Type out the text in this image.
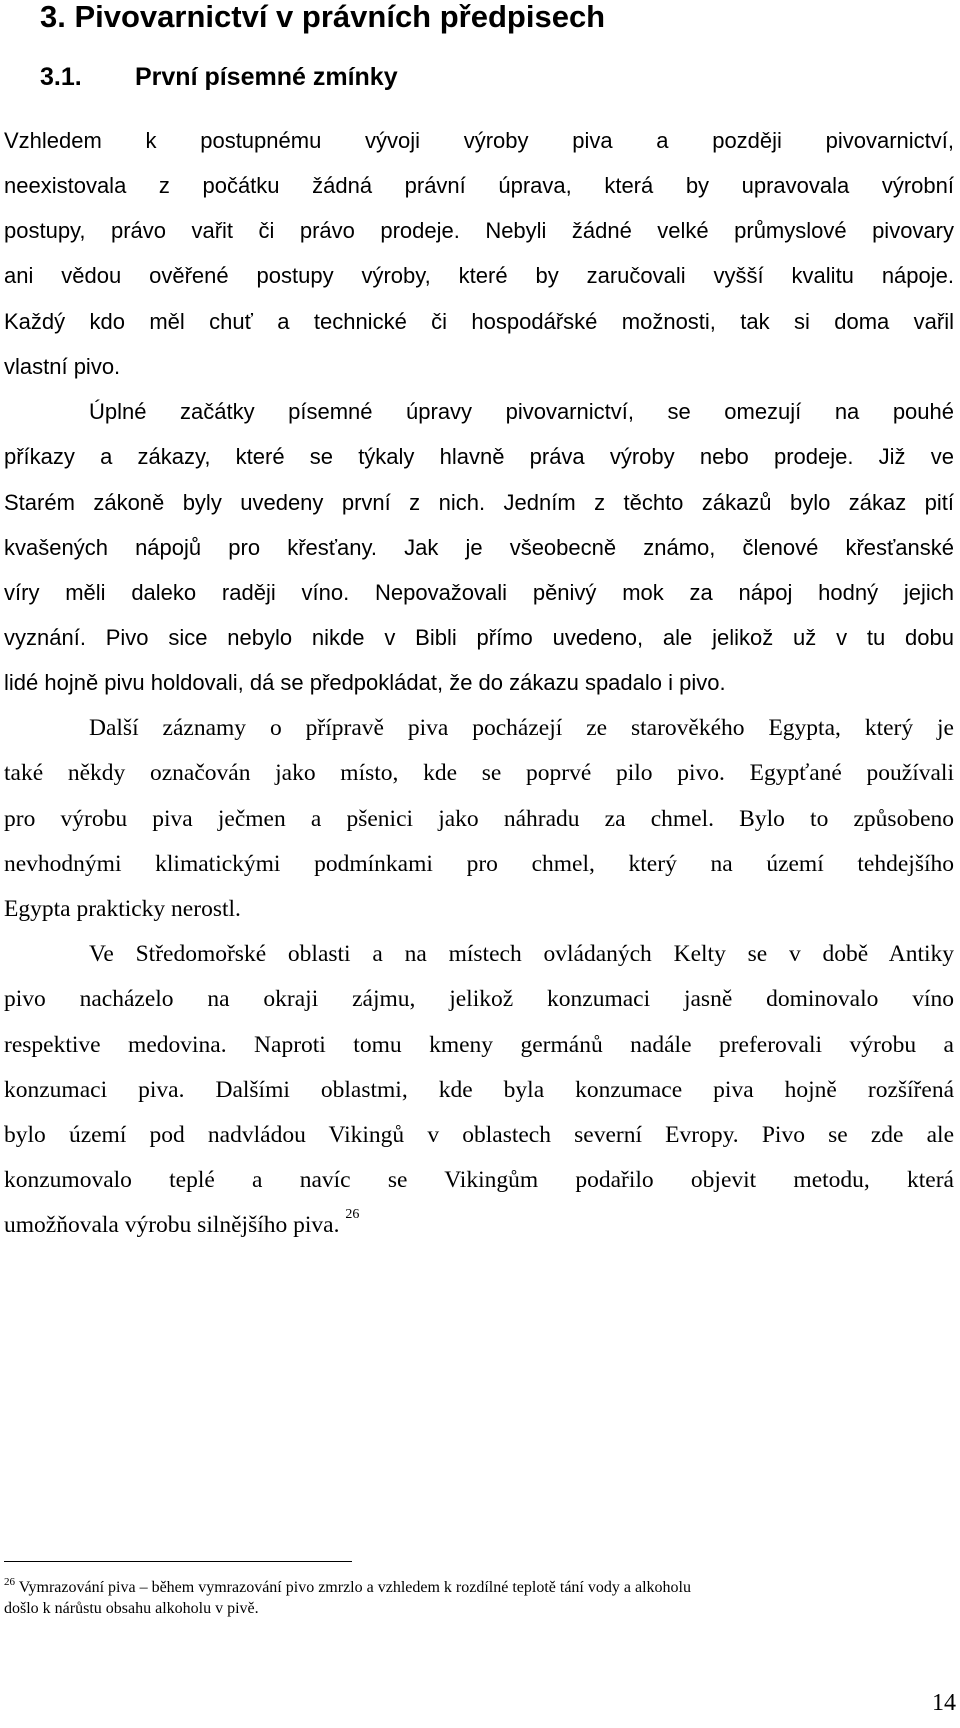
3. Pivovarnictví v právních předpisech
3.1. První písemné zmínky
Vzhledem k postupnému vývoji výroby piva a později pivovarnictví,
neexistovala z počátku žádná právní úprava, která by upravovala výrobní
postupy, právo vařit či právo prodeje. Nebyli žádné velké průmyslové pivovary
ani vědou ověřené postupy výroby, které by zaručovali vyšší kvalitu nápoje.
Každý kdo měl chuť a technické či hospodářské možnosti, tak si doma vařil
vlastní pivo.
Úplné začátky písemné úpravy pivovarnictví, se omezují na pouhé
příkazy a zákazy, které se týkaly hlavně práva výroby nebo prodeje. Již ve
Starém zákoně byly uvedeny první z nich. Jedním z těchto zákazů bylo zákaz pití
kvašených nápojů pro křesťany. Jak je všeobecně známo, členové křesťanské
víry měli daleko raději víno. Nepovažovali pěnivý mok za nápoj hodný jejich
vyznání. Pivo sice nebylo nikde v Bibli přímo uvedeno, ale jelikož už v tu dobu
lidé hojně pivu holdovali, dá se předpokládat, že do zákazu spadalo i pivo.
Další záznamy o přípravě piva pocházejí ze starověkého Egypta, který je
také někdy označován jako místo, kde se poprvé pilo pivo. Egypťané používali
pro výrobu piva ječmen a pšenici jako náhradu za chmel. Bylo to způsobeno
nevhodnými klimatickými podmínkami pro chmel, který na území tehdejšího
Egypta prakticky nerostl.
Ve Středomořské oblasti a na místech ovládaných Kelty se v době Antiky
pivo nacházelo na okraji zájmu, jelikož konzumaci jasně dominovalo víno
respektive medovina. Naproti tomu kmeny germánů nadále preferovali výrobu a
konzumaci piva. Dalšími oblastmi, kde byla konzumace piva hojně rozšířená
bylo území pod nadvládou Vikingů v oblastech severní Evropy. Pivo se zde ale
konzumovalo teplé a navíc se Vikingům podařilo objevit metodu, která
umožňovala výrobu silnějšího piva. $^{26}$
$^{26}$ Vymrazování piva – během vymrazování pivo zmrzlo a vzhledem k rozdílné teplotě tání vody a alkoholu
došlo k nárůstu obsahu alkoholu v pivě.
14
